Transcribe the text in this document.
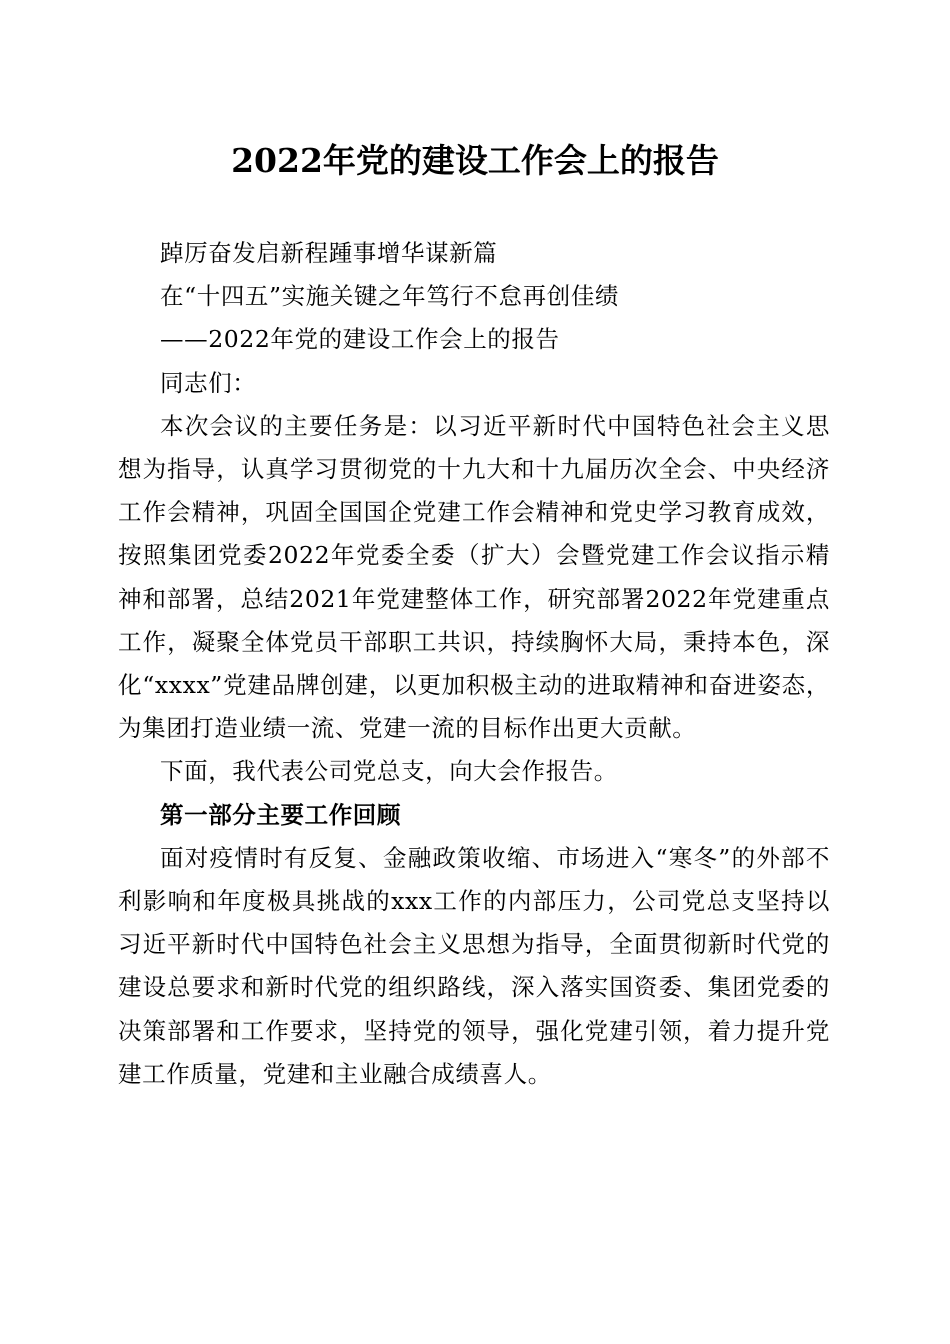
2022年党的建设工作会上的报告

踔厉奋发启新程踵事增华谋新篇

在“十四五”实施关键之年笃行不怠再创佳绩

——2022年党的建设工作会上的报告

同志们：

本次会议的主要任务是：以习近平新时代中国特色社会主义思想为指导，认真学习贯彻党的十九大和十九届历次全会、中央经济工作会精神，巩固全国国企党建工作会精神和党史学习教育成效，按照集团党委2022年党委全委（扩大）会暨党建工作会议指示精神和部署，总结2021年党建整体工作，研究部署2022年党建重点工作，凝聚全体党员干部职工共识，持续胸怀大局，秉持本色，深化“xxxx”党建品牌创建，以更加积极主动的进取精神和奋进姿态，为集团打造业绩一流、党建一流的目标作出更大贡献。

下面，我代表公司党总支，向大会作报告。

第一部分主要工作回顾

面对疫情时有反复、金融政策收缩、市场进入“寒冬”的外部不利影响和年度极具挑战的xxx工作的内部压力，公司党总支坚持以习近平新时代中国特色社会主义思想为指导，全面贯彻新时代党的建设总要求和新时代党的组织路线，深入落实国资委、集团党委的决策部署和工作要求，坚持党的领导，强化党建引领，着力提升党建工作质量，党建和主业融合成绩喜人。
